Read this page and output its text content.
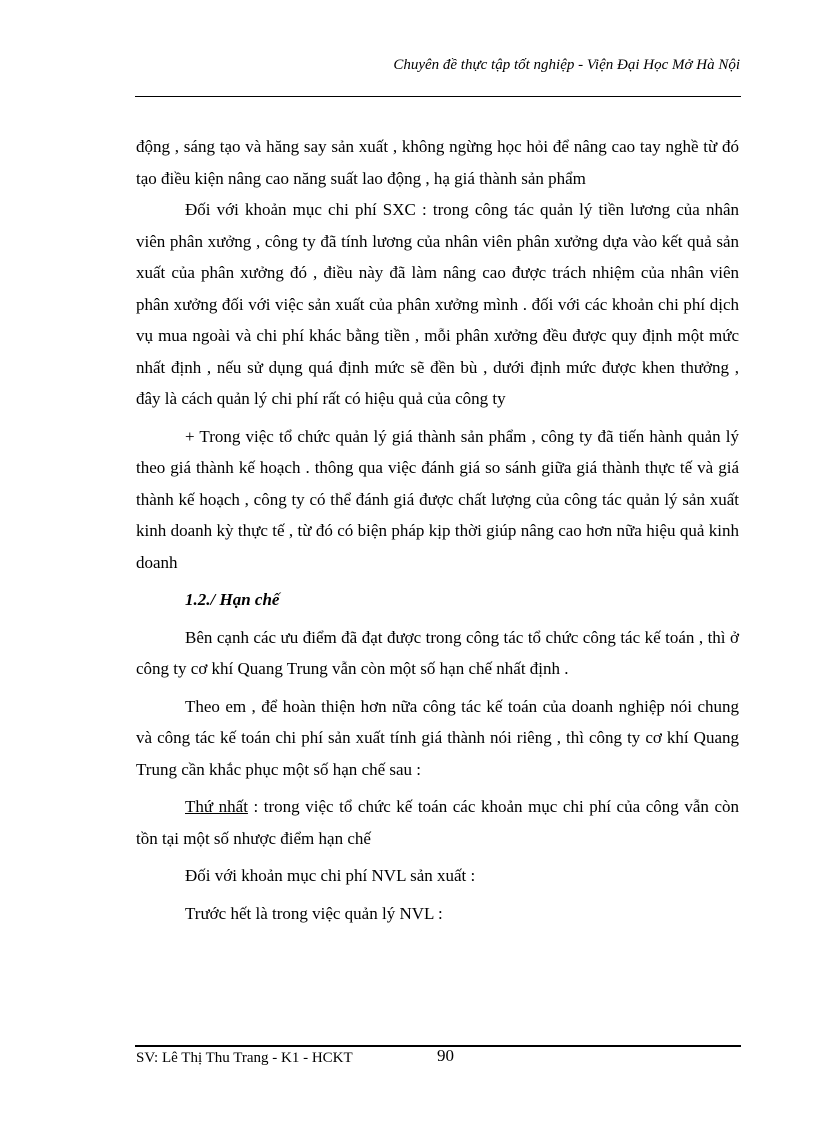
Chuyên đề thực tập tốt nghiệp - Viện Đại Học Mở Hà Nội

động , sáng tạo và hăng say sản xuất , không ngừng học hỏi để nâng cao tay nghề từ đó tạo điều kiện nâng cao năng suất lao động , hạ giá thành sản phẩm

Đối với khoản mục chi phí SXC : trong công tác quản lý tiền lương của nhân viên phân xưởng , công ty đã tính lương của nhân viên phân xưởng dựa vào kết quả sản xuất của phân xưởng đó , điều này đã làm nâng cao được trách nhiệm của nhân viên phân xưởng đối với việc sản xuất của phân xưởng mình . đối với các khoản chi phí dịch vụ mua ngoài và chi phí khác bằng tiền , mỗi phân xưởng đều được quy định một mức nhất định , nếu sử dụng quá định mức sẽ đền bù , dưới định mức được khen thưởng , đây là cách quản lý chi phí rất có hiệu quả của công ty

+ Trong việc tổ chức quản lý giá thành sản phẩm , công ty đã tiến hành quản lý theo giá thành kế hoạch . thông qua việc đánh giá so sánh giữa giá thành thực tế và giá thành kế hoạch , công ty có thể đánh giá được chất lượng của công tác quản lý sản xuất kinh doanh kỳ thực tế , từ đó có biện pháp kịp thời giúp nâng cao hơn nữa hiệu quả kinh doanh

1.2./ Hạn chế

Bên cạnh các ưu điểm đã đạt được trong công tác tổ chức công tác kế toán , thì ở công ty cơ khí Quang Trung vẫn còn một số hạn chế nhất định .

Theo em , để hoàn thiện hơn nữa công tác kế toán của doanh nghiệp nói chung và công tác kế toán chi phí sản xuất tính giá thành nói riêng , thì công ty cơ khí Quang Trung cần khắc phục một số hạn chế sau :

Thứ nhất : trong việc tổ chức kế toán các khoản mục chi phí của công vẫn còn tồn tại một số nhược điểm hạn chế

Đối với khoản mục chi phí NVL sản xuất :

Trước hết là trong việc quản lý NVL :

SV: Lê Thị Thu Trang - K1 - HCKT	90
